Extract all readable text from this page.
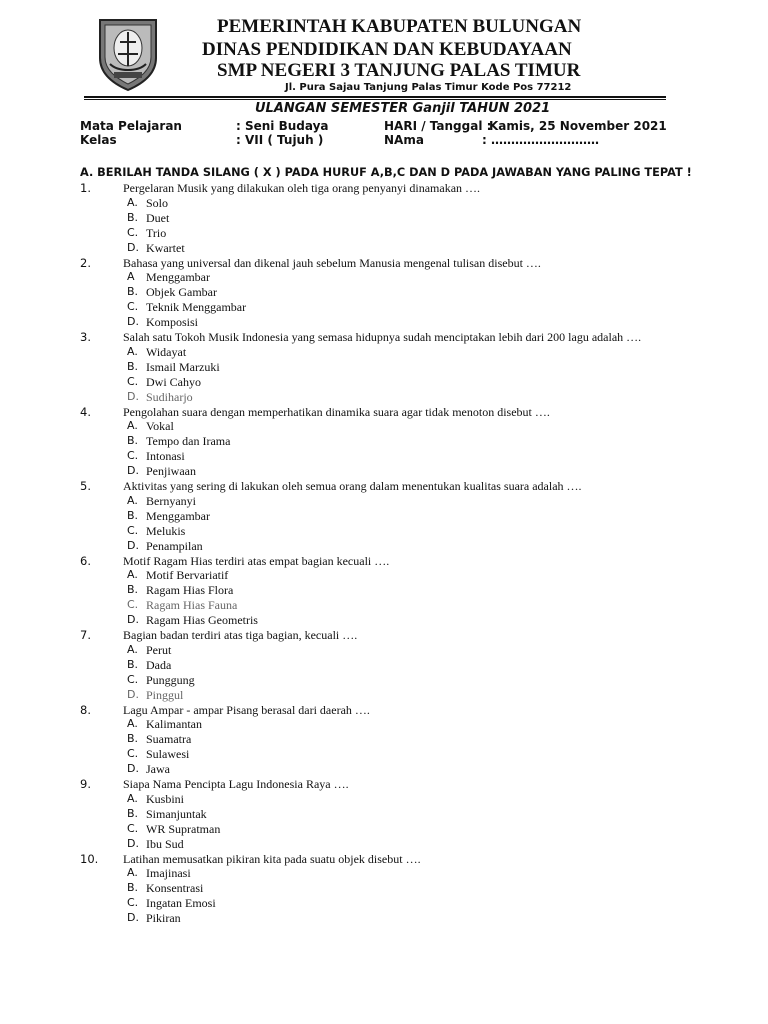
PEMERINTAH KABUPATEN BULUNGAN
DINAS PENDIDIKAN DAN KEBUDAYAAN
SMP NEGERI 3 TANJUNG PALAS TIMUR
Jl. Pura Sajau Tanjung Palas Timur Kode Pos 77212
ULANGAN SEMESTER Ganjil TAHUN 2021
Mata Pelajaran	: Seni Budaya	HARI / Tanggal :
Kamis, 25 November 2021
Kelas	: VII ( Tujuh )	NAma	: ………………………
A. BERILAH TANDA SILANG ( X ) PADA HURUF A,B,C DAN D PADA JAWABAN YANG PALING TEPAT !
1.	Pergelaran Musik yang dilakukan oleh tiga orang penyanyi dinamakan ….
A. Solo
B. Duet
C. Trio
D. Kwartet
2.	Bahasa yang universal dan dikenal jauh sebelum Manusia mengenal tulisan disebut ….
A Menggambar
B. Objek Gambar
C. Teknik Menggambar
D. Komposisi
3.	Salah satu Tokoh Musik Indonesia yang semasa hidupnya sudah menciptakan lebih dari 200 lagu adalah ….
A. Widayat
B. Ismail Marzuki
C. Dwi Cahyo
D. Sudiharjo
4.	Pengolahan suara dengan memperhatikan dinamika suara agar tidak menoton disebut ….
A. Vokal
B. Tempo dan Irama
C. Intonasi
D. Penjiwaan
5.	Aktivitas yang sering di lakukan oleh semua orang dalam menentukan kualitas suara adalah ….
A. Bernyanyi
B. Menggambar
C. Melukis
D. Penampilan
6.	Motif Ragam Hias terdiri atas empat bagian kecuali ….
A. Motif Bervariatif
B. Ragam Hias Flora
C. Ragam Hias Fauna
D. Ragam Hias Geometris
7.	Bagian badan terdiri atas tiga bagian, kecuali ….
A. Perut
B. Dada
C. Punggung
D. Pinggul
8.	Lagu Ampar - ampar Pisang berasal dari daerah ….
A. Kalimantan
B. Suamatra
C. Sulawesi
D. Jawa
9.	Siapa Nama Pencipta Lagu Indonesia Raya ….
A. Kusbini
B. Simanjuntak
C. WR Supratman
D. Ibu Sud
10. Latihan memusatkan pikiran kita pada suatu objek disebut ….
A. Imajinasi
B. Konsentrasi
C. Ingatan Emosi
D. Pikiran
